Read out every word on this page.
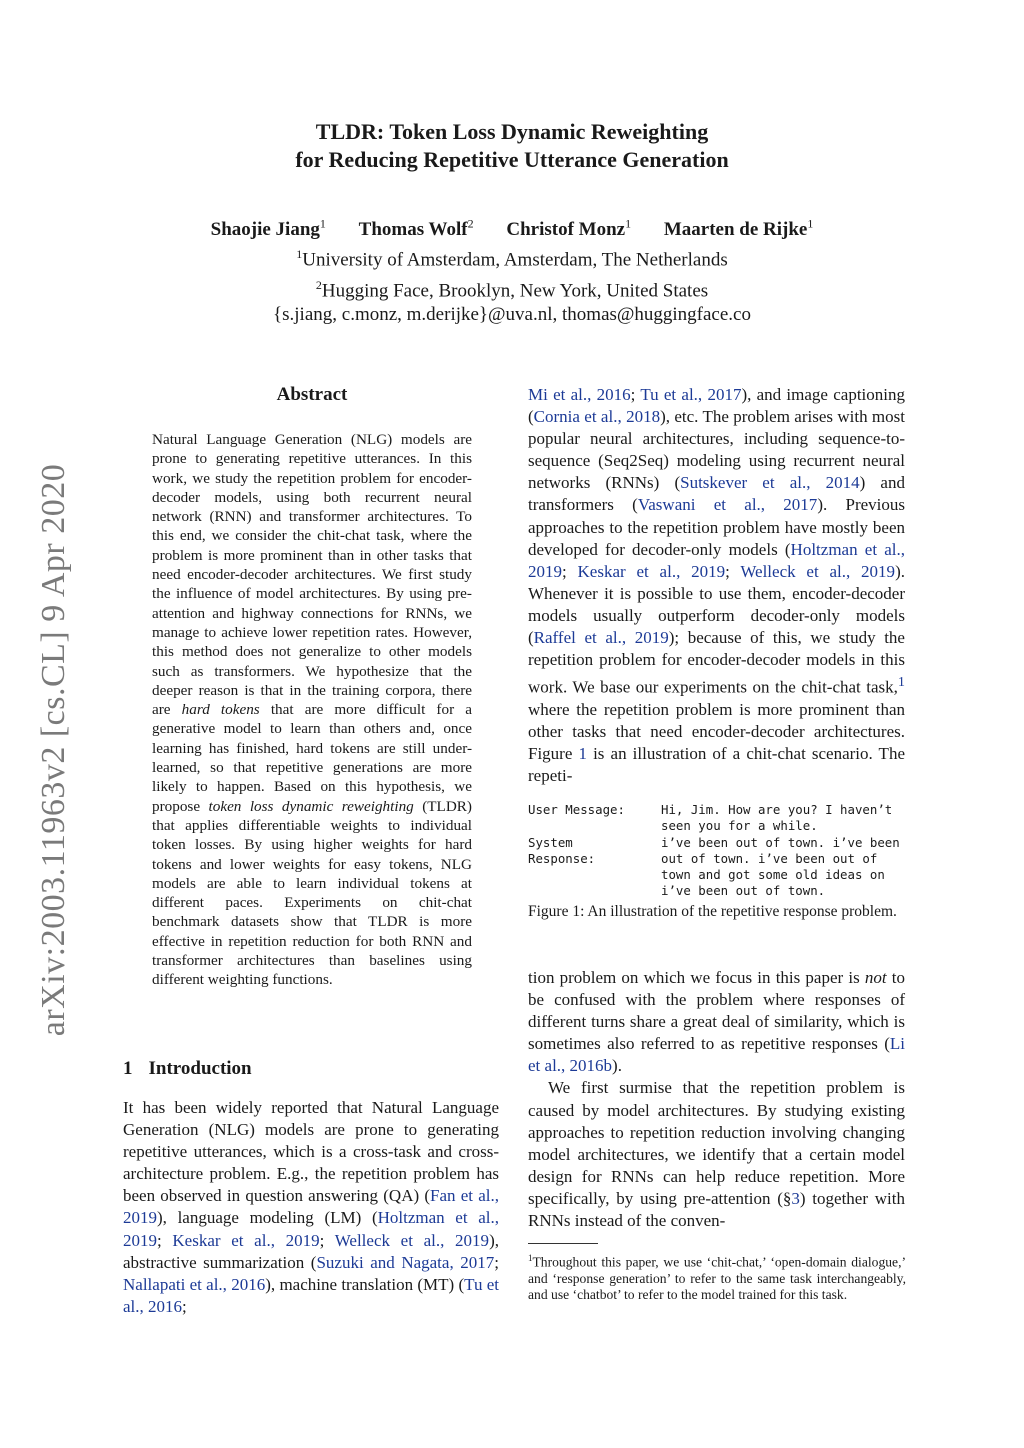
TLDR: Token Loss Dynamic Reweighting
for Reducing Repetitive Utterance Generation
Shaojie Jiang$^1$ Thomas Wolf$^2$ Christof Monz$^1$ Maarten de Rijke$^1$
$^1$University of Amsterdam, Amsterdam, The Netherlands
$^2$Hugging Face, Brooklyn, New York, United States
{s.jiang, c.monz, m.derijke}@uva.nl, thomas@huggingface.co
arXiv:2003.11963v2 [cs.CL] 9 Apr 2020
Abstract
Natural Language Generation (NLG) models are prone to generating repetitive utterances. In this work, we study the repetition problem for encoder-decoder models, using both recurrent neural network (RNN) and transformer architectures. To this end, we consider the chit-chat task, where the problem is more prominent than in other tasks that need encoder-decoder architectures. We first study the influence of model architectures. By using pre-attention and highway connections for RNNs, we manage to achieve lower repetition rates. However, this method does not generalize to other models such as transformers. We hypothesize that the deeper reason is that in the training corpora, there are hard tokens that are more difficult for a generative model to learn than others and, once learning has finished, hard tokens are still under-learned, so that repetitive generations are more likely to happen. Based on this hypothesis, we propose token loss dynamic reweighting (TLDR) that applies differentiable weights to individual token losses. By using higher weights for hard tokens and lower weights for easy tokens, NLG models are able to learn individual tokens at different paces. Experiments on chit-chat benchmark datasets show that TLDR is more effective in repetition reduction for both RNN and transformer architectures than baselines using different weighting functions.
1 Introduction
It has been widely reported that Natural Language Generation (NLG) models are prone to generating repetitive utterances, which is a cross-task and cross-architecture problem. E.g., the repetition problem has been observed in question answering (QA) (Fan et al., 2019), language modeling (LM) (Holtzman et al., 2019; Keskar et al., 2019; Welleck et al., 2019), abstractive summarization (Suzuki and Nagata, 2017; Nallapati et al., 2016), machine translation (MT) (Tu et al., 2016;
Mi et al., 2016; Tu et al., 2017), and image captioning (Cornia et al., 2018), etc. The problem arises with most popular neural architectures, including sequence-to-sequence (Seq2Seq) modeling using recurrent neural networks (RNNs) (Sutskever et al., 2014) and transformers (Vaswani et al., 2017). Previous approaches to the repetition problem have mostly been developed for decoder-only models (Holtzman et al., 2019; Keskar et al., 2019; Welleck et al., 2019). Whenever it is possible to use them, encoder-decoder models usually outperform decoder-only models (Raffel et al., 2019); because of this, we study the repetition problem for encoder-decoder models in this work. We base our experiments on the chit-chat task,$^1$ where the repetition problem is more prominent than other tasks that need encoder-decoder architectures. Figure 1 is an illustration of a chit-chat scenario. The repeti-
User Message:	Hi, Jim. How are you? I haven’t seen you for a while.
System
Response:
i’ve been out of town. i’ve been out of town. i’ve been out of town and got some old ideas on i’ve been out of town.
Figure 1: An illustration of the repetitive response problem.

tion problem on which we focus in this paper is not to be confused with the problem where responses of different turns share a great deal of similarity, which is sometimes also referred to as repetitive responses (Li et al., 2016b).

We first surmise that the repetition problem is caused by model architectures. By studying existing approaches to repetition reduction involving changing model architectures, we identify that a certain model design for RNNs can help reduce repetition. More specifically, by using pre-attention (§3) together with RNNs instead of the conven-

$^1$Throughout this paper, we use ‘chit-chat,’ ‘open-domain dialogue,’ and ‘response generation’ to refer to the same task interchangeably, and use ‘chatbot’ to refer to the model trained for this task.
